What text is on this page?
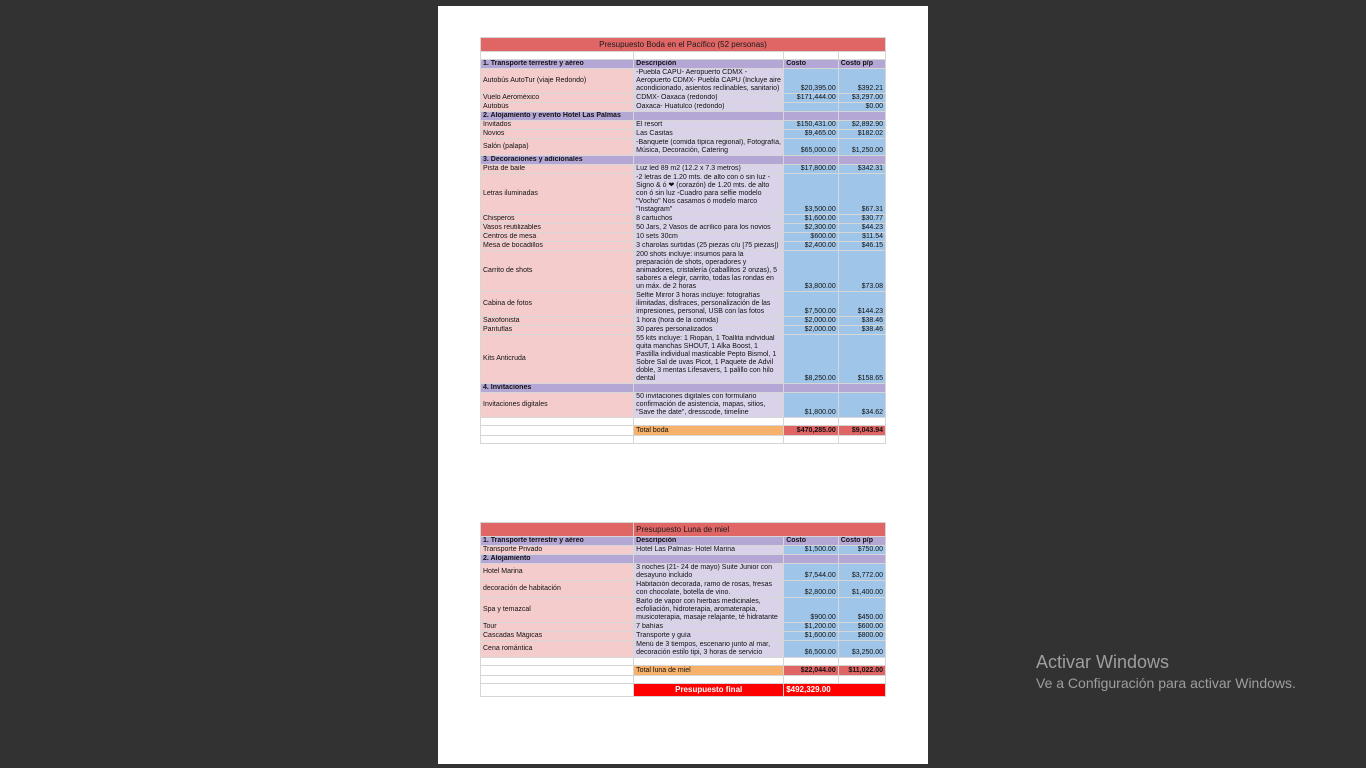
Presupuesto Boda en el Pacífico (52 personas)			

1. Transporte terrestre y aéreo	Descripción	Costo	Costo p/p
Autobús AutoTur (viaje Redondo)	-Puebla CAPU- Aeropuerto CDMX - Aeropuerto CDMX- Puebla CAPU (Incluye aire acondicionado, asientos reclinables, sanitario)	$20,395.00	$392.21
Vuelo Aeroméxico	CDMX- Oaxaca (redondo)	$171,444.00	$3,297.00
Autobús	Oaxaca- Huatulco (redondo)		$0.00
2. Alojamiento y evento Hotel Las Palmas			
Invitados	El resort	$150,431.00	$2,892.90
Novios	Las Casitas	$9,465.00	$182.02
Salón (palapa)	-Banquete (comida típica regional), Fotografía, Música, Decoración, Catering	$65,000.00	$1,250.00
3. Decoraciones y adicionales			
Pista de baile	Luz led 89 m2 (12.2 x 7.3 metros)	$17,800.00	$342.31
Letras iluminadas	-2 letras de 1.20 mts. de alto con ó sin luz -Signo & ó ❤ (corazón) de 1.20 mts. de alto con ó sin luz -Cuadro para selfie modelo "Vocho" Nos casamos ó modelo marco "Instagram"	$3,500.00	$67.31
Chisperos	8 cartuchos	$1,600.00	$30.77
Vasos reutilizables	50 Jars, 2 Vasos de acrílico para los novios	$2,300.00	$44.23
Centros de mesa	10 sets 30cm	$600.00	$11.54
Mesa de bocadillos	3 charolas surtidas (25 piezas c/u [75 piezas])	$2,400.00	$46.15
Carrito de shots	200 shots incluye: insumos para la preparación de shots, operadores y animadores, cristalería (caballitos 2 onzas), 5 sabores a elegir, carrito, todas las rondas en un máx. de 2 horas	$3,800.00	$73.08
Cabina de fotos	Selfie Mirror 3 horas incluye: fotografías ilimitadas, disfraces, personalización de las impresiones, personal, USB con las fotos	$7,500.00	$144.23
Saxofonista	1 hora (hora de la comida)	$2,000.00	$38.46
Pantuflas	30 pares personalizados	$2,000.00	$38.46
Kits Anticruda	55 kits incluye: 1 Riopán, 1 Toallita individual quita manchas SHOUT, 1 Alka Boost, 1 Pastilla individual masticable Pepto Bismol, 1 Sobre Sal de uvas Picot, 1 Paquete de Advil doble, 3 mentas Lifesavers, 1 palillo con hilo dental	$8,250.00	$158.65
4. Invitaciones			
Invitaciones digitales	50 invitaciones digitales con formulario confirmación de asistencia, mapas, sitios, "Save the date", dresscode, timeline	$1,800.00	$34.62

	Total boda	$470,285.00	$9,043.94

	Presupuesto Luna de miel		
1. Transporte terrestre y aéreo	Descripción	Costo	Costo p/p
Transporte Privado	Hotel Las Palmas- Hotel Marina	$1,500.00	$750.00
2. Alojamiento			
Hotel Marina	3 noches (21- 24 de mayo) Suite Junior con desayuno incluido	$7,544.00	$3,772.00
decoración de habitación	Habitación decorada, ramo de rosas, fresas con chocolate, botella de vino.	$2,800.00	$1,400.00
Spa y temazcal	Baño de vapor con hierbas medicinales, ecfoliación, hidroterapia, aromaterapia, musicoterapia, masaje relajante, té hidratante	$900.00	$450.00
Tour	7 bahías	$1,200.00	$600.00
Cascadas Mágicas	Transporte y guía	$1,600.00	$800.00
Cena romántica	Menú de 3 tiempos, escenario junto al mar, decoración estilo tipi, 3 horas de servicio	$6,500.00	$3,250.00

	Total luna de miel	$22,044.00	$11,022.00

	Presupuesto final	$492,329.00	
Activar Windows
Ve a Configuración para activar Windows.
